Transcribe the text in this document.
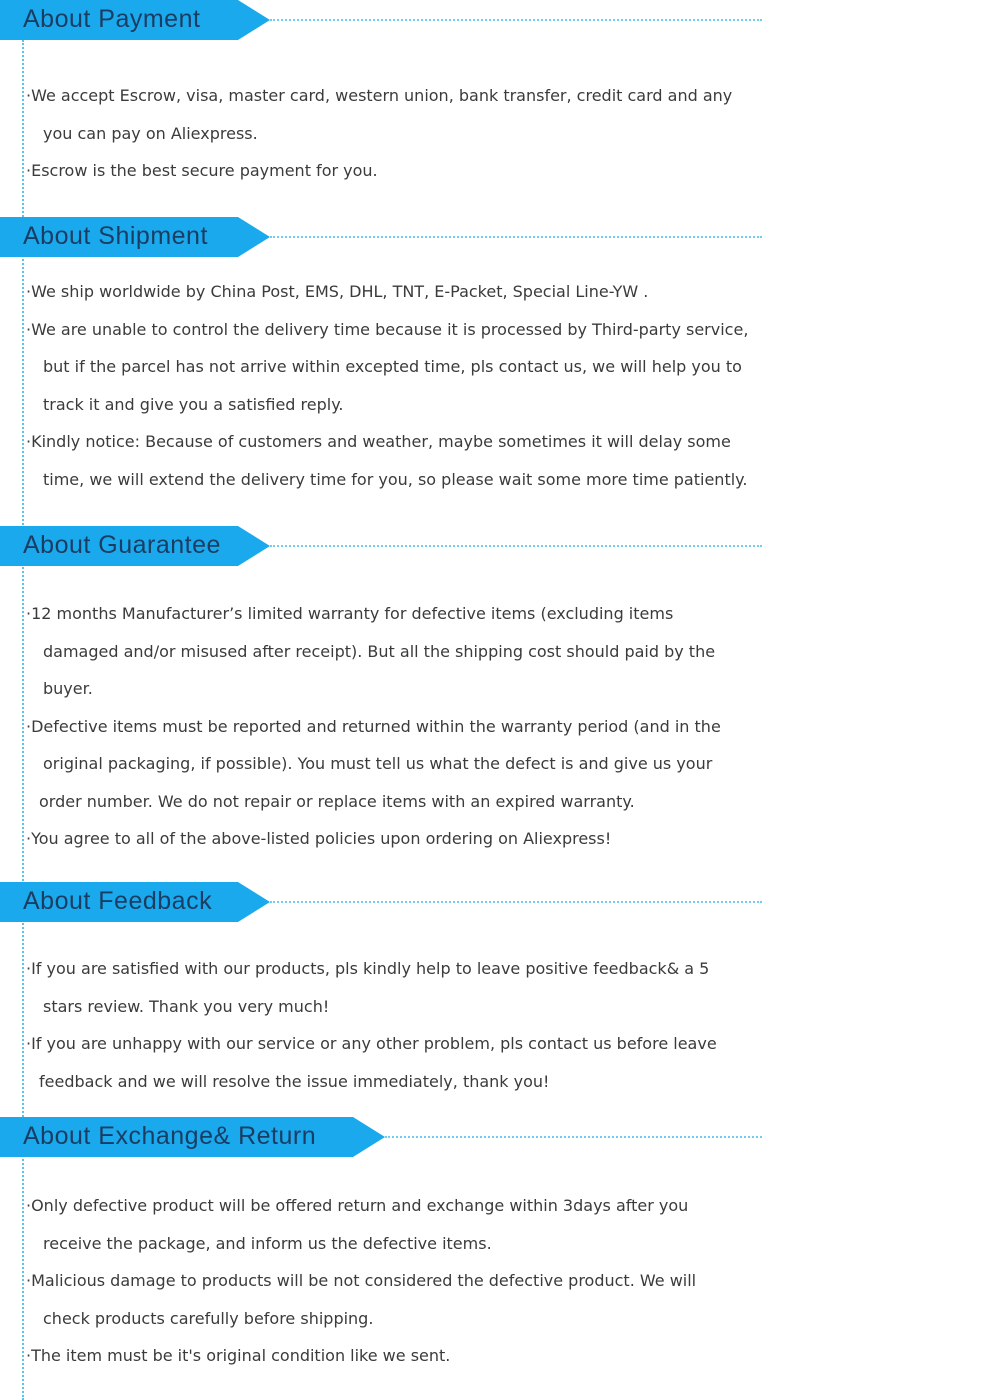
About Payment
·We accept Escrow, visa, master card, western union, bank transfer, credit card and any
you can pay on Aliexpress.
·Escrow is the best secure payment for you.
About Shipment
·We ship worldwide by China Post, EMS, DHL, TNT, E-Packet, Special Line-YW .
·We are unable to control the delivery time because it is processed by Third-party service,
but if the parcel has not arrive within excepted time, pls contact us, we will help you to
track it and give you a satisfied reply.
·Kindly notice: Because of customers and weather, maybe sometimes it will delay some
time, we will extend the delivery time for you, so please wait some more time patiently.
About Guarantee
·12 months Manufacturer’s limited warranty for defective items (excluding items
damaged and/or misused after receipt). But all the shipping cost should paid by the
buyer.
·Defective items must be reported and returned within the warranty period (and in the
original packaging, if possible). You must tell us what the defect is and give us your
order number. We do not repair or replace items with an expired warranty.
·You agree to all of the above-listed policies upon ordering on Aliexpress!
About Feedback
·If you are satisfied with our products, pls kindly help to leave positive feedback& a 5
stars review. Thank you very much!
·If you are unhappy with our service or any other problem, pls contact us before leave
feedback and we will resolve the issue immediately, thank you!
About Exchange& Return
·Only defective product will be offered return and exchange within 3days after you
receive the package, and inform us the defective items.
·Malicious damage to products will be not considered the defective product. We will
check products carefully before shipping.
·The item must be it's original condition like we sent.
